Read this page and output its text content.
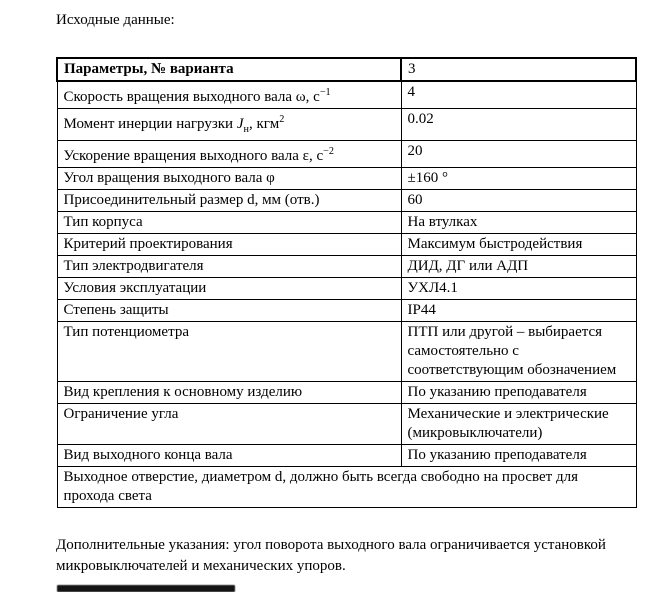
Исходные данные:

Параметры, № варианта	3
Скорость вращения выходного вала ω, $с^{-1}$	4
Момент инерции нагрузки $J_н$, кгм$^2$	0.02
Ускорение вращения выходного вала ε, $с^{-2}$	20
Угол вращения выходного вала φ	±160 °
Присоединительный размер d, мм (отв.)	60
Тип корпуса	На втулках
Критерий проектирования	Максимум быстродействия
Тип электродвигателя	ДИД, ДГ или АДП
Условия эксплуатации	УХЛ4.1
Степень защиты	IP44
Тип потенциометра	ПТП или другой – выбирается самостоятельно с соответствующим обозначением
Вид крепления к основному изделию	По указанию преподавателя
Ограничение угла	Механические и электрические (микровыключатели)
Вид выходного конца вала	По указанию преподавателя
Выходное отверстие, диаметром d, должно быть всегда свободно на просвет для прохода света	

Дополнительные указания: угол поворота выходного вала ограничивается установкой микровыключателей и механических упоров.
